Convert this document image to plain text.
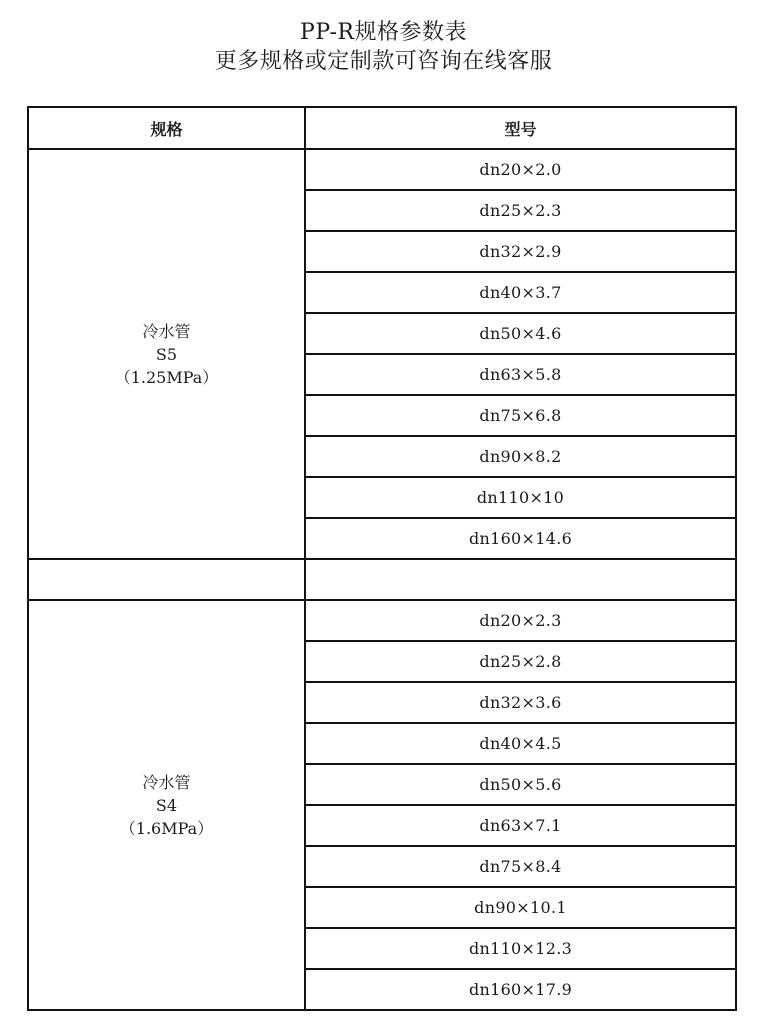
PP-R规格参数表
更多规格或定制款可咨询在线客服
规格	型号

冷水管
S5
（1.25MPa）	dn20×2.0
	dn25×2.3
	dn32×2.9
	dn40×3.7
	dn50×4.6
	dn63×5.8
	dn75×6.8
	dn90×8.2
	dn110×10
	dn160×14.6

冷水管
S4
（1.6MPa）	dn20×2.3
	dn25×2.8
	dn32×3.6
	dn40×4.5
	dn50×5.6
	dn63×7.1
	dn75×8.4
	dn90×10.1
	dn110×12.3
	dn160×17.9
